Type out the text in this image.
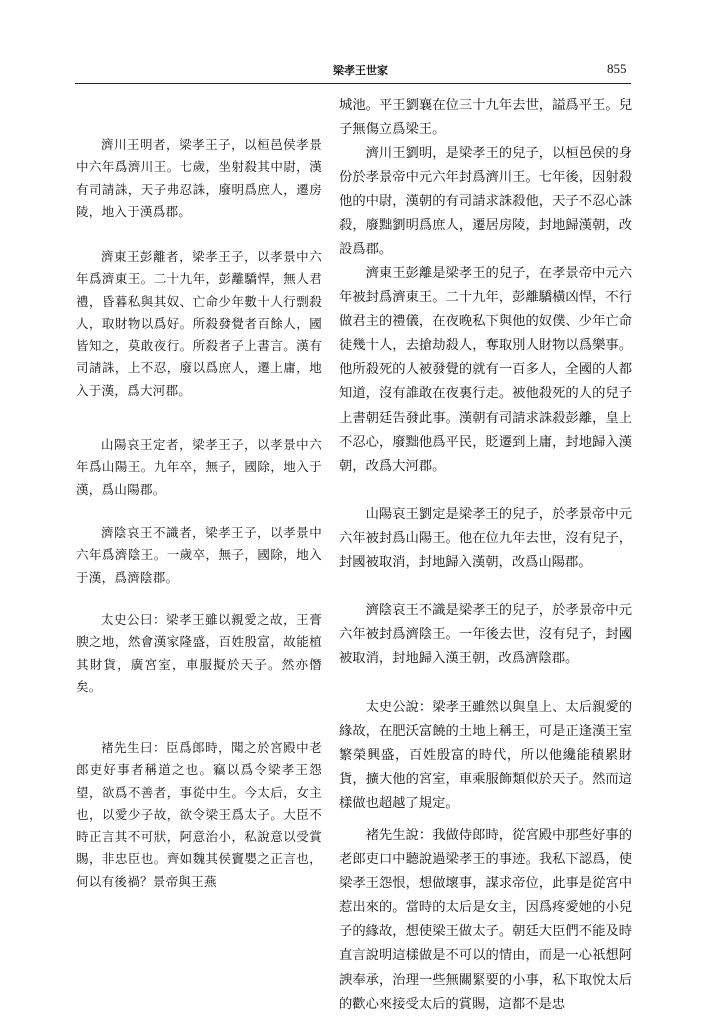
梁孝王世家	855

濟川王明者，梁孝王子，以桓邑侯孝景中六年爲濟川王。七歲，坐射殺其中尉，漢有司請誅，天子弗忍誅，廢明爲庶人，遷房陵，地入于漢爲郡。

濟東王彭離者，梁孝王子，以孝景中六年爲濟東王。二十九年，彭離驕悍，無人君禮，昏暮私與其奴、亡命少年數十人行剽殺人，取財物以爲好。所殺發覺者百餘人，國皆知之，莫敢夜行。所殺者子上書言。漢有司請誅，上不忍，廢以爲庶人，遷上庸，地入于漢，爲大河郡。

山陽哀王定者，梁孝王子，以孝景中六年爲山陽王。九年卒，無子，國除，地入于漢，爲山陽郡。

濟陰哀王不識者，梁孝王子，以孝景中六年爲濟陰王。一歲卒，無子，國除，地入于漢，爲濟陰郡。

太史公曰：梁孝王雖以親愛之故，王膏腴之地，然會漢家隆盛，百姓殷富，故能植其財貨，廣宮室，車服擬於天子。然亦僭矣。

褚先生曰：臣爲郎時，聞之於宮殿中老郎吏好事者稱道之也。竊以爲令梁孝王怨望，欲爲不善者，事從中生。今太后，女主也，以愛少子故，欲令梁王爲太子。大臣不時正言其不可狀，阿意治小，私說意以受賞賜，非忠臣也。齊如魏其侯竇嬰之正言也，何以有後禍？景帝與王燕

城池。平王劉襄在位三十九年去世，謚爲平王。兒子無傷立爲梁王。

濟川王劉明，是梁孝王的兒子，以桓邑侯的身份於孝景帝中元六年封爲濟川王。七年後，因射殺他的中尉，漢朝的有司請求誅殺他，天子不忍心誅殺，廢黜劉明爲庶人，遷居房陵，封地歸漢朝，改設爲郡。

濟東王彭離是梁孝王的兒子，在孝景帝中元六年被封爲濟東王。二十九年，彭離驕橫凶悍，不行做君主的禮儀，在夜晚私下與他的奴僕、少年亡命徒幾十人，去搶劫殺人，奪取別人財物以爲樂事。他所殺死的人被發覺的就有一百多人，全國的人都知道，沒有誰敢在夜裏行走。被他殺死的人的兒子上書朝廷告發此事。漢朝有司請求誅殺彭離，皇上不忍心，廢黜他爲平民，貶遷到上庸，封地歸入漢朝，改爲大河郡。

山陽哀王劉定是梁孝王的兒子，於孝景帝中元六年被封爲山陽王。他在位九年去世，沒有兒子，封國被取消，封地歸入漢朝，改爲山陽郡。

濟陰哀王不識是梁孝王的兒子，於孝景帝中元六年被封爲濟陰王。一年後去世，沒有兒子，封國被取消，封地歸入漢王朝，改爲濟陰郡。

太史公說：梁孝王雖然以與皇上、太后親愛的緣故，在肥沃富饒的土地上稱王，可是正逢漢王室繁榮興盛，百姓殷富的時代，所以他纔能積累財貨，擴大他的宮室，車乘服飾類似於天子。然而這樣做也超越了規定。

褚先生說：我做侍郎時，從宮殿中那些好事的老郎吏口中聽說過梁孝王的事迹。我私下認爲，使梁孝王怨恨，想做壞事，謀求帝位，此事是從宮中惹出來的。當時的太后是女主，因爲疼愛她的小兒子的緣故，想使梁王做太子。朝廷大臣們不能及時直言說明這樣做是不可以的情由，而是一心祇想阿諛奉承，治理一些無關緊要的小事，私下取悅太后的歡心來接受太后的賞賜，這都不是忠
